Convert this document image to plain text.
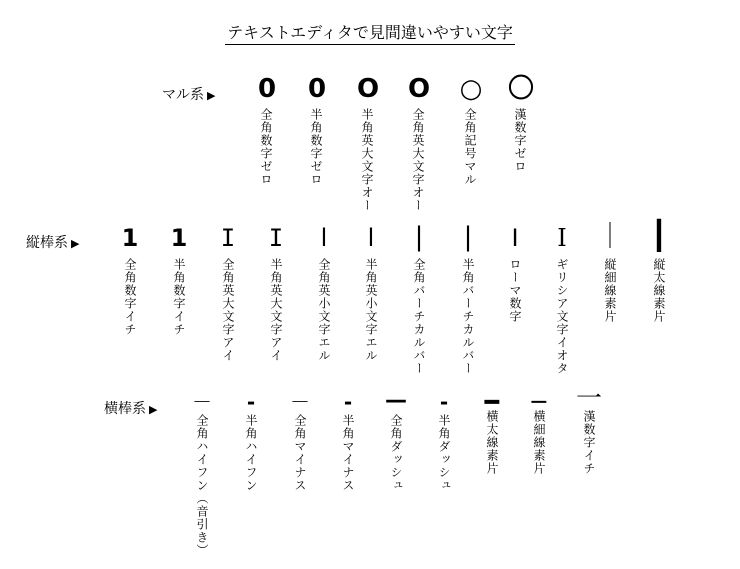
テキストエディタで見間違いやすい文字
マル系 ▶ 0
全角数字ゼロ
0
半角数字ゼロ
O
半角英大文字オー
O
全角英大文字オー
○
全角記号マル
〇
漢数字ゼロ
縦棒系 ▶ 1
全角数字イチ
1
半角数字イチ
I
全角英大文字アイ
I
半角英大文字アイ
l
全角英小文字エル
l
半角英小文字エル
|
全角バーチカルバー
|
半角バーチカルバー
Ⅰ
ローマ数字
Ι
ギリシア文字イオタ
｜
縦細線素片
┃
縦太線素片
横棒系 ▶ －
全角ハイフン（音引き）
-
半角ハイフン
－
全角マイナス
-
半角マイナス
—
全角ダッシュ
-
半角ダッシュ
━
横太線素片
─
横細線素片
一
漢数字イチ
